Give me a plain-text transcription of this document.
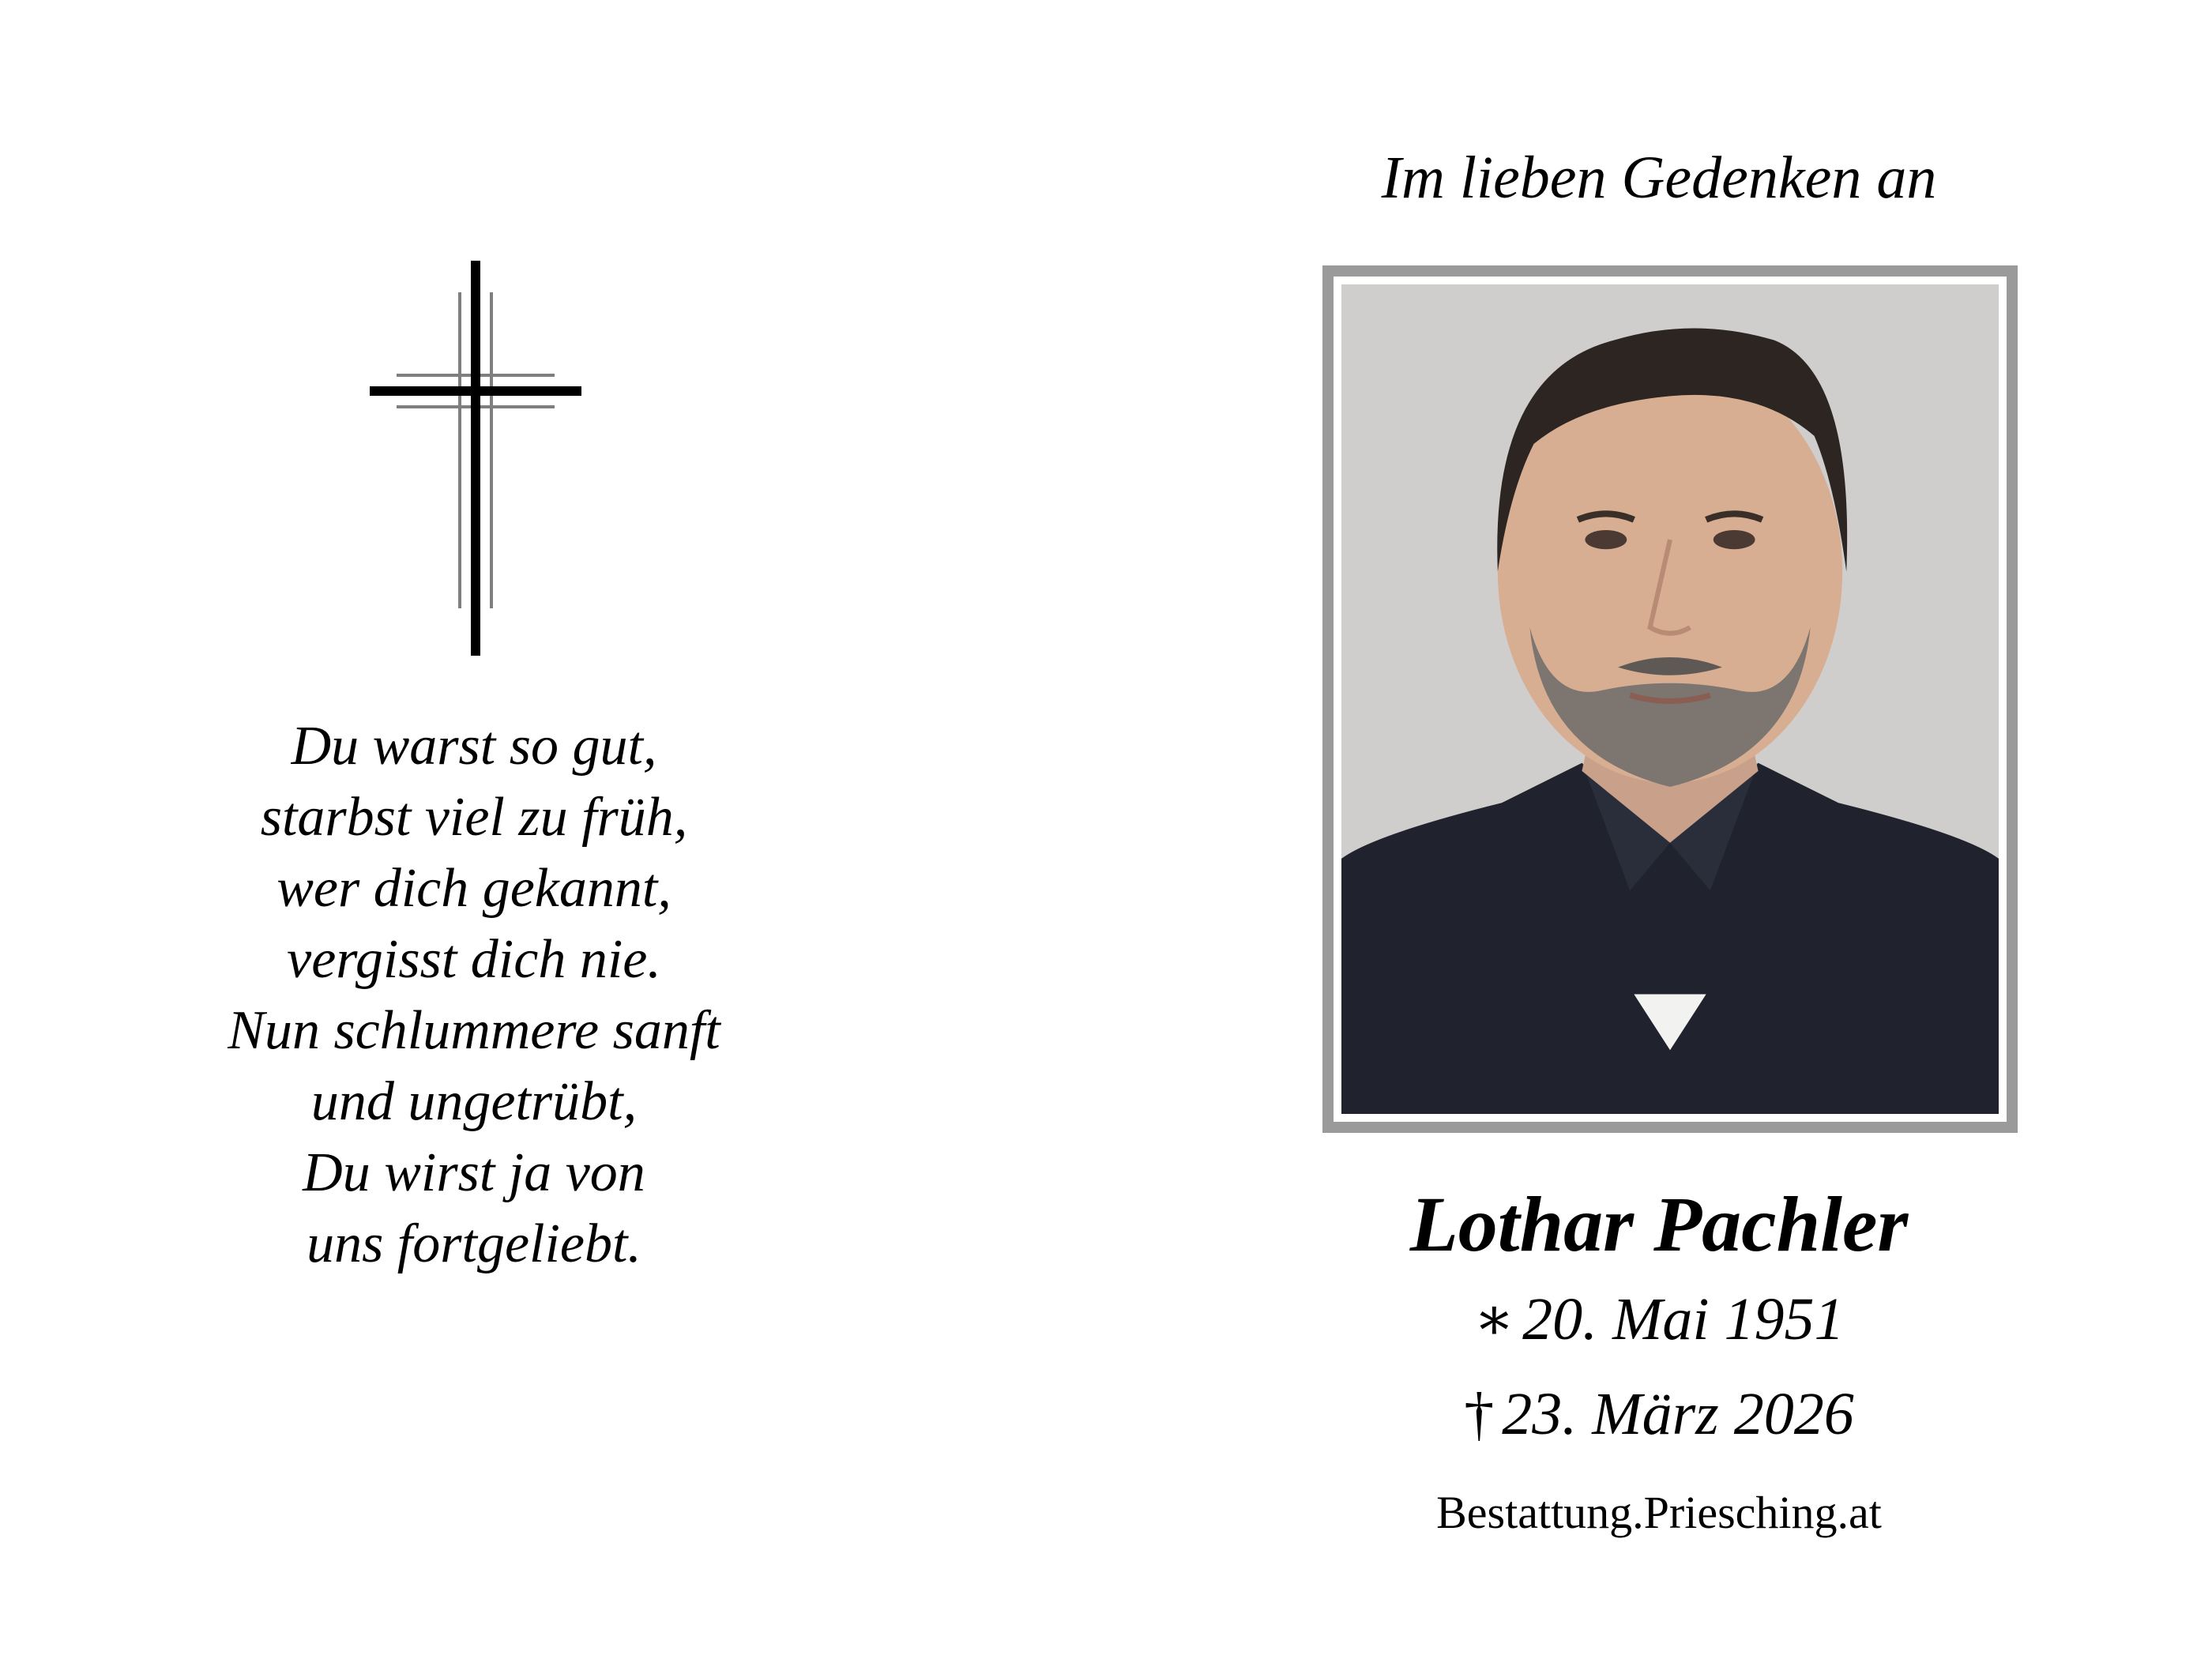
Du warst so gut,
starbst viel zu früh,
wer dich gekannt,
vergisst dich nie.
Nun schlummere sanft
und ungetrübt,
Du wirst ja von
uns fortgeliebt.
Im lieben Gedenken an
Lothar Pachler
∗ 20. Mai 1951
† 23. März 2026
Bestattung.Priesching.at
